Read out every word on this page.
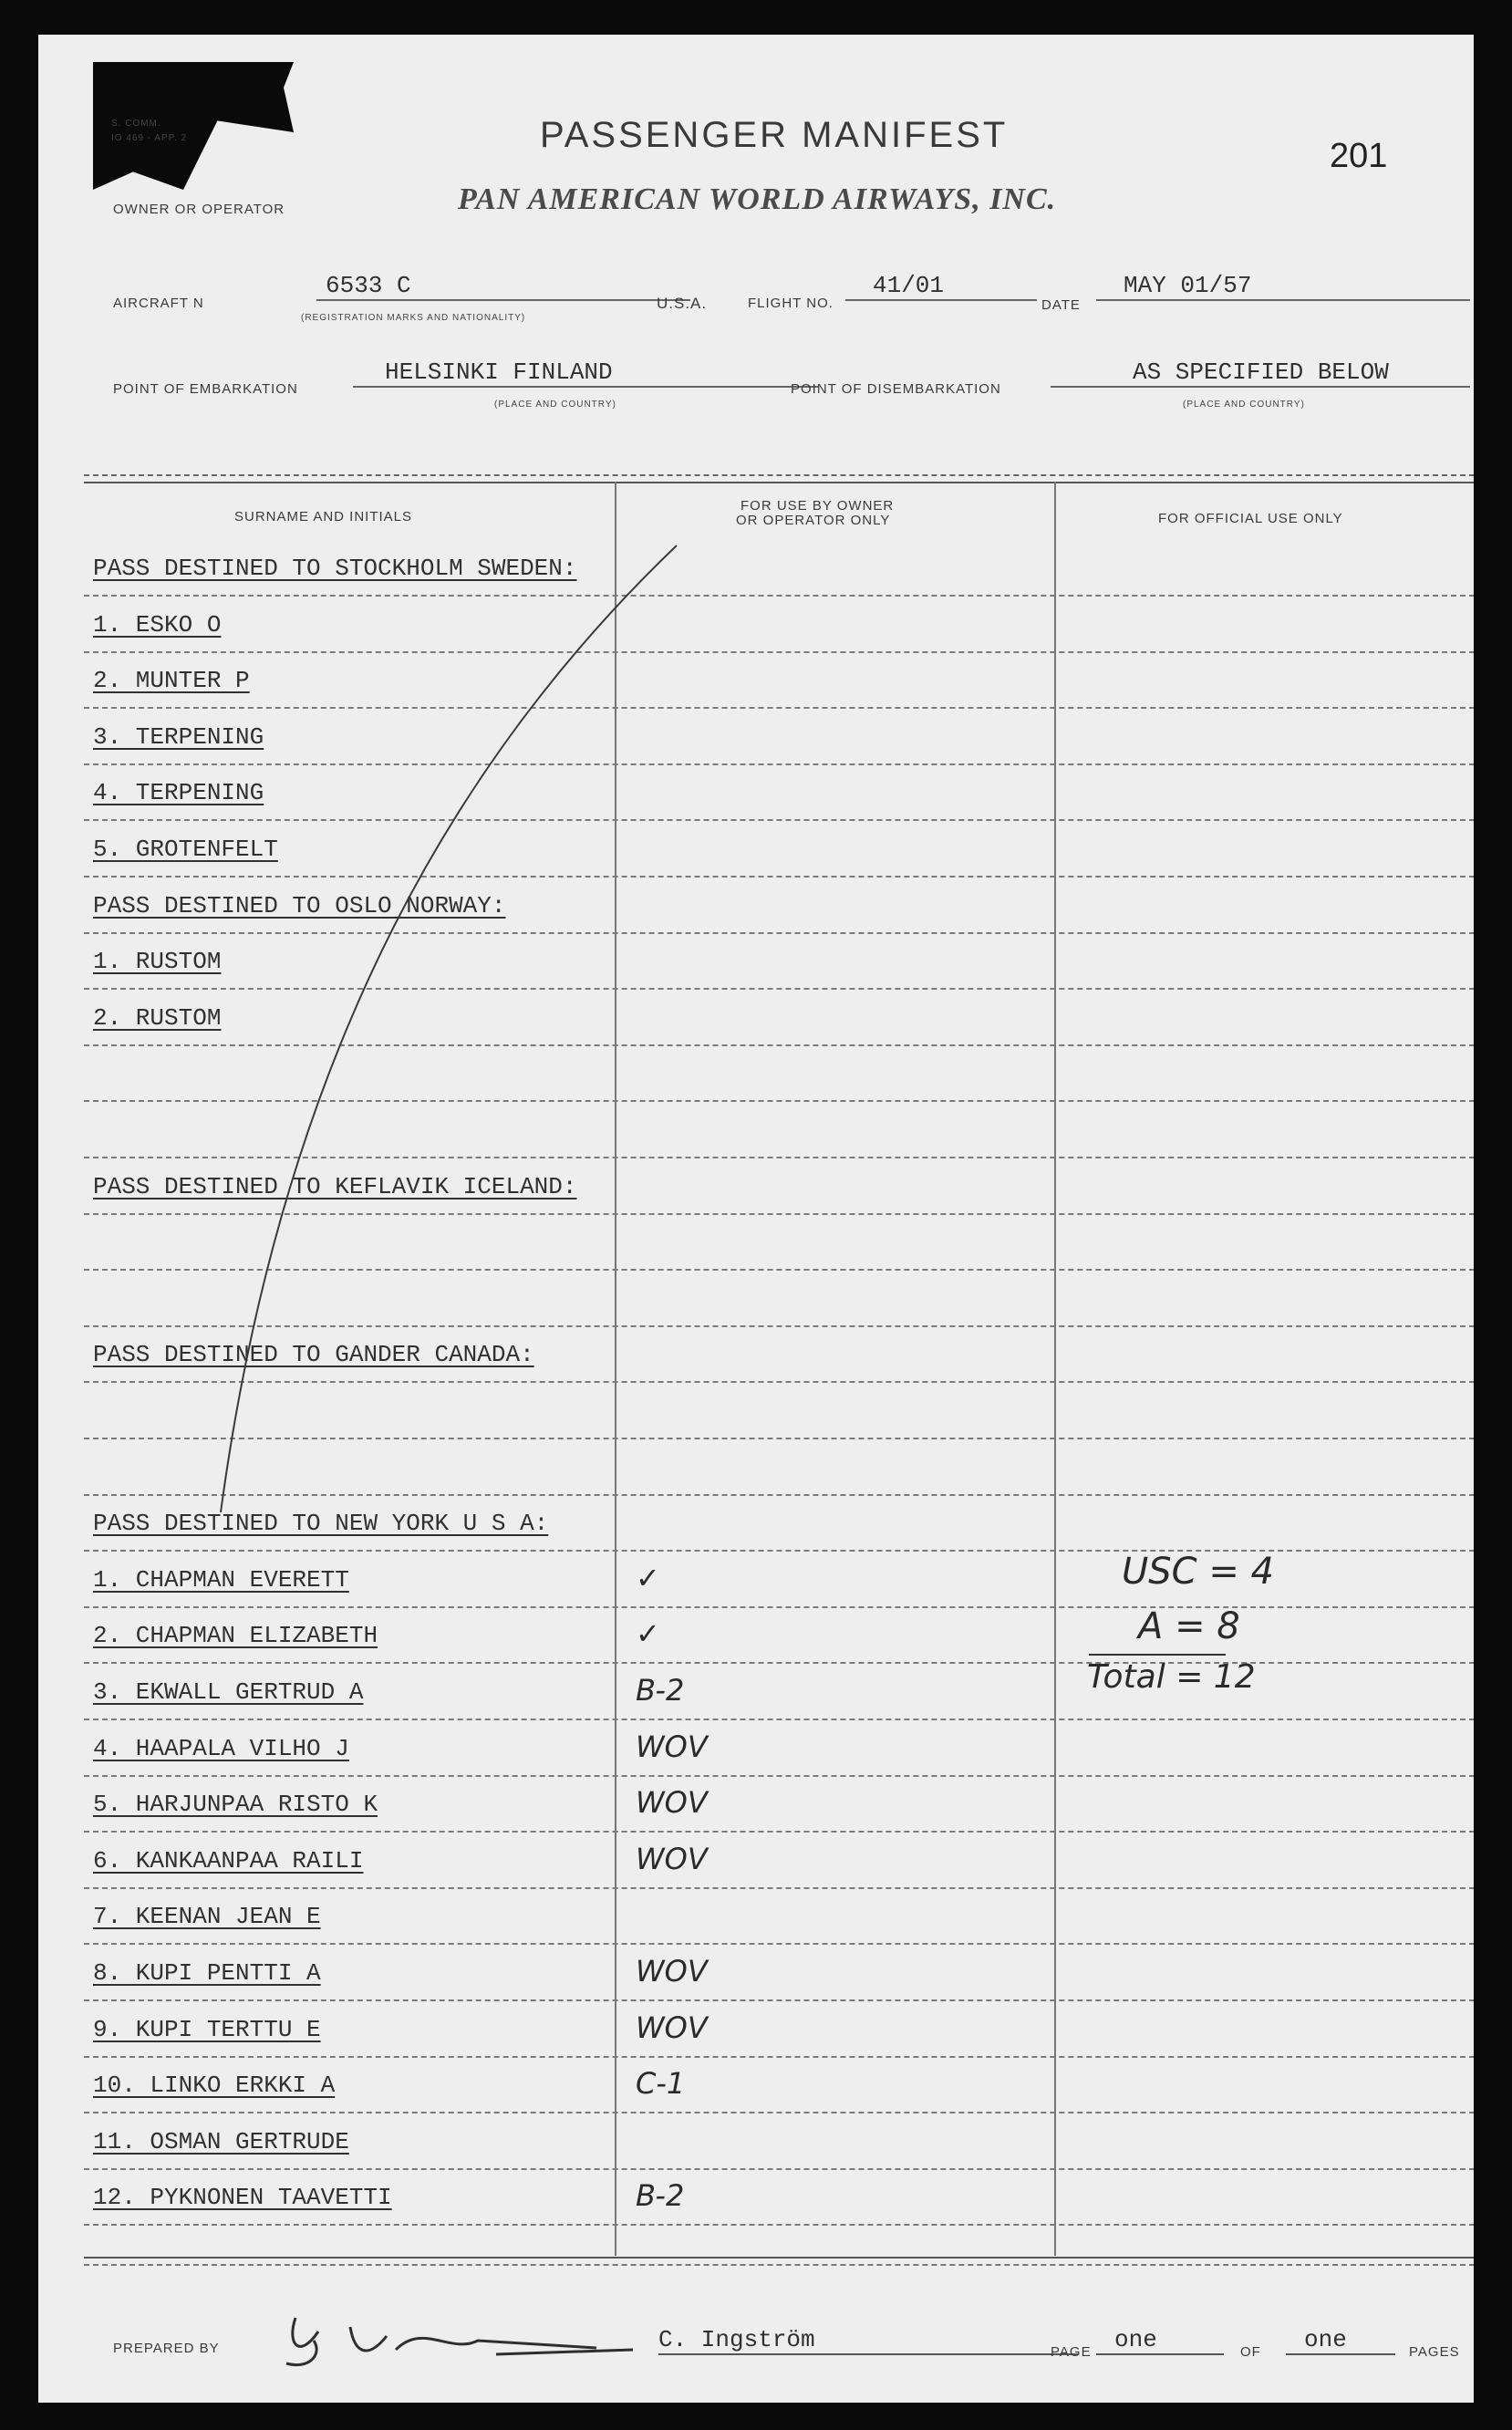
S. COMM.
IO 469 - APP. 2	PASSENGER MANIFEST
201
OWNER OR OPERATOR	PAN AMERICAN WORLD AIRWAYS, INC.
AIRCRAFT N
6533 C
(REGISTRATION MARKS AND NATIONALITY)
U.S.A.	FLIGHT NO.
41/01
DATE
MAY 01/57
POINT OF EMBARKATION
HELSINKI FINLAND
(PLACE AND COUNTRY)
POINT OF DISEMBARKATION
AS SPECIFIED BELOW
(PLACE AND COUNTRY)
SURNAME AND INITIALS
FOR USE BY OWNER
OR OPERATOR ONLY	FOR OFFICIAL USE ONLY
PASS DESTINED TO STOCKHOLM SWEDEN:
1. ESKO O
2. MUNTER P
3. TERPENING
4. TERPENING
5. GROTENFELT
PASS DESTINED TO OSLO NORWAY:
1. RUSTOM
2. RUSTOM
PASS DESTINED TO KEFLAVIK ICELAND:
PASS DESTINED TO GANDER CANADA:
PASS DESTINED TO NEW YORK U S A:
1. CHAPMAN EVERETT	✓
2. CHAPMAN ELIZABETH	✓
3. EKWALL GERTRUD A	B-2
4. HAAPALA VILHO J	WOV
5. HARJUNPAA RISTO K	WOV
6. KANKAANPAA RAILI	WOV
7. KEENAN JEAN E
8. KUPI PENTTI A	WOV
9. KUPI TERTTU E	WOV
10. LINKO ERKKI A	C-1
11. OSMAN GERTRUDE
12. PYKNONEN TAAVETTI	B-2
USC = 4
A = 8
Total = 12
PREPARED BY	C. Ingström	PAGE one	OF	one	PAGES
